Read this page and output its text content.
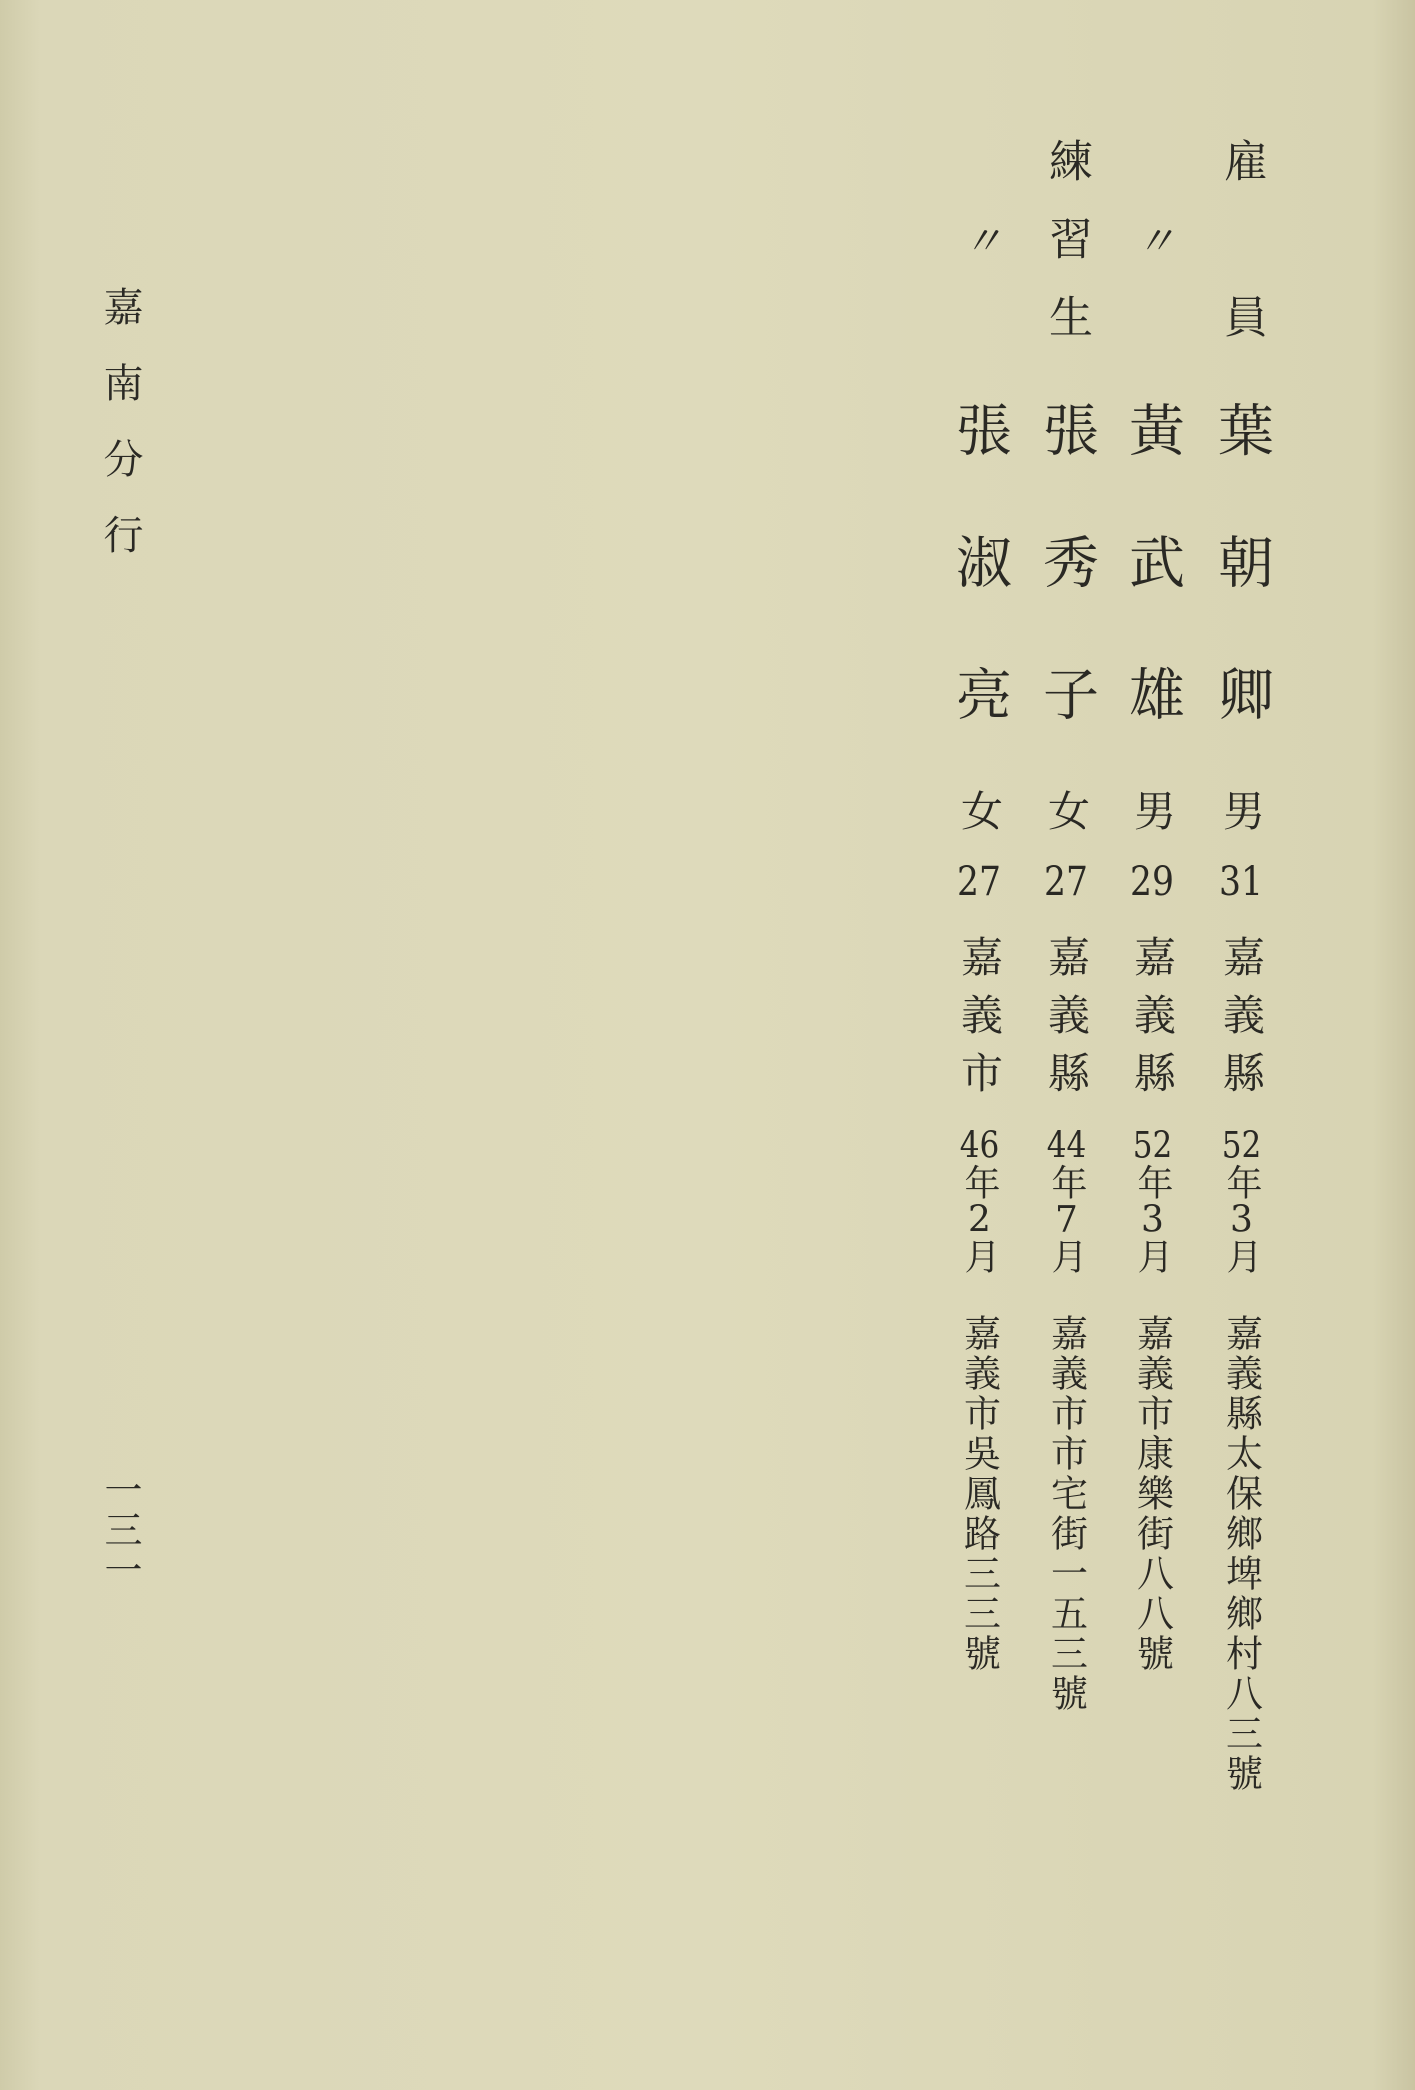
雇員
葉朝卿
男
31
嘉義縣
52年3月
嘉義縣太保鄉埤鄉村八三號
〃
黃武雄
男
29
嘉義縣
52年3月
嘉義市康樂街八八號
練習生
張秀子
女
27
嘉義縣
44年7月
嘉義市市宅街一五三號
〃
張淑亮
女
27
嘉義市
46年2月
嘉義市吳鳳路三三號
嘉南分行
一三一
